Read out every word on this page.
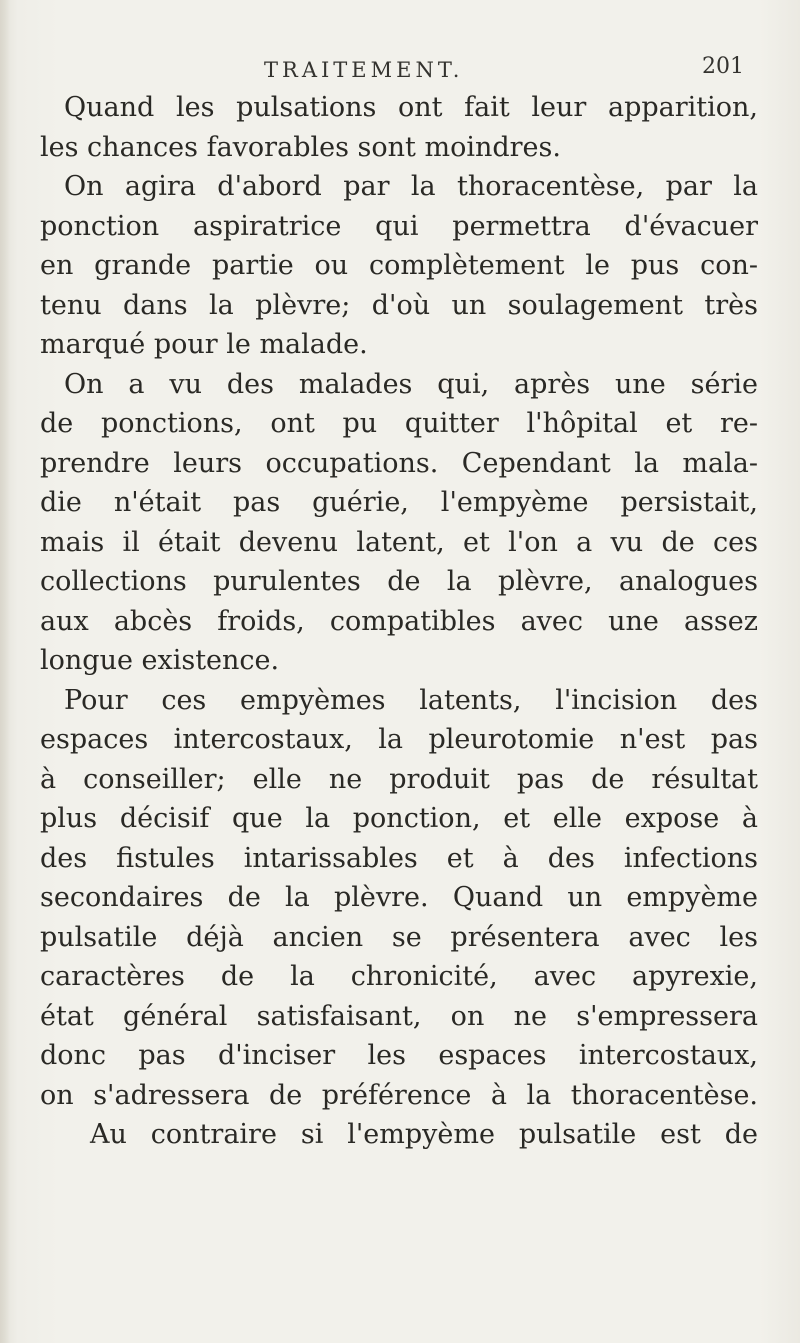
TRAITEMENT.	201
Quand les pulsations ont fait leur apparition,
les chances favorables sont moindres.
On agira d'abord par la thoracentèse, par la
ponction aspiratrice qui permettra d'évacuer
en grande partie ou complètement le pus con-
tenu dans la plèvre; d'où un soulagement très
marqué pour le malade.
On a vu des malades qui, après une série
de ponctions, ont pu quitter l'hôpital et re-
prendre leurs occupations. Cependant la mala-
die n'était pas guérie, l'empyème persistait,
mais il était devenu latent, et l'on a vu de ces
collections purulentes de la plèvre, analogues
aux abcès froids, compatibles avec une assez
longue existence.
Pour ces empyèmes latents, l'incision des
espaces intercostaux, la pleurotomie n'est pas
à conseiller; elle ne produit pas de résultat
plus décisif que la ponction, et elle expose à
des fistules intarissables et à des infections
secondaires de la plèvre. Quand un empyème
pulsatile déjà ancien se présentera avec les
caractères de la chronicité, avec apyrexie,
état général satisfaisant, on ne s'empressera
donc pas d'inciser les espaces intercostaux,
on s'adressera de préférence à la thoracentèse.
Au contraire si l'empyème pulsatile est de
